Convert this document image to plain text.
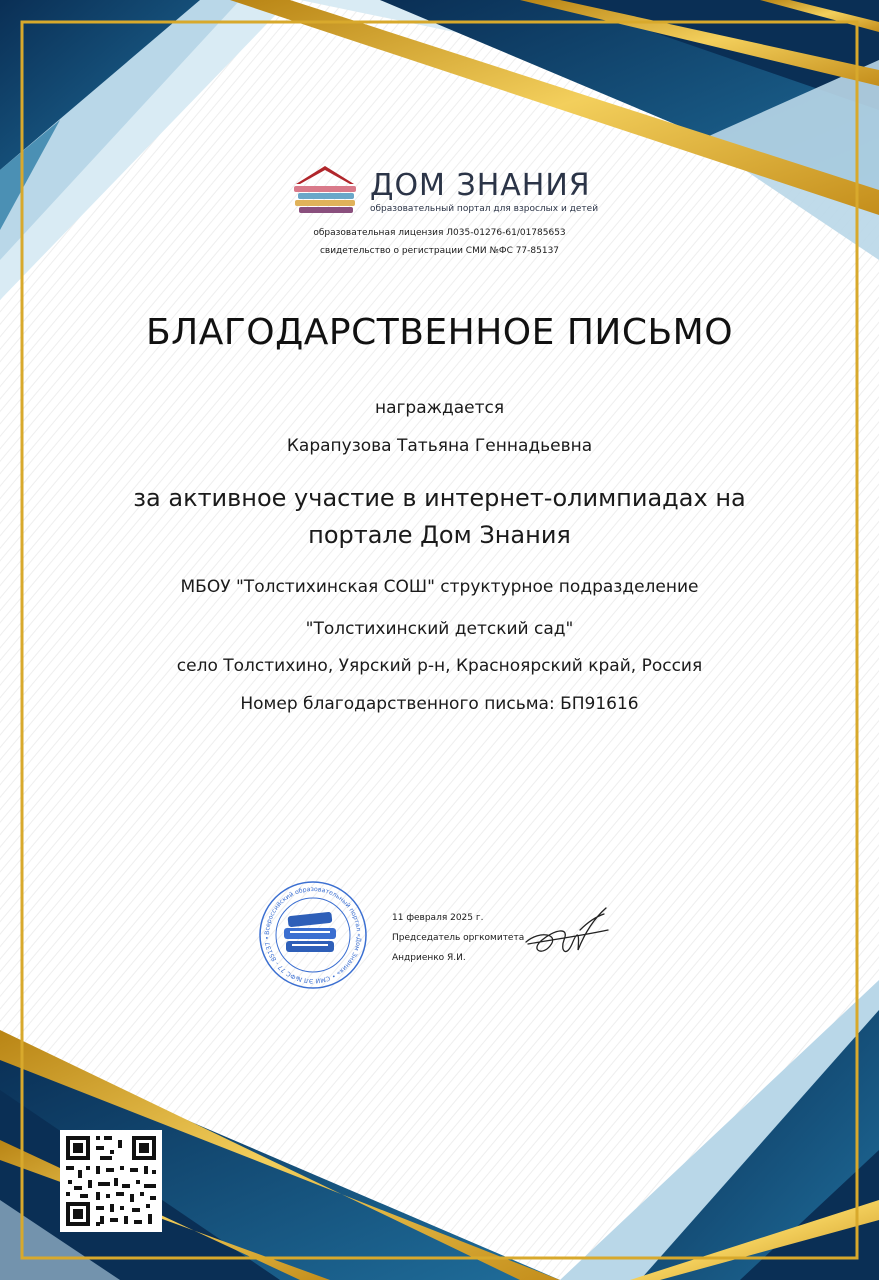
ДОМ ЗНАНИЯ
образовательный портал для взрослых и детей
образовательная лицензия Л035-01276-61/01785653
свидетельство о регистрации СМИ №ФС 77-85137
БЛАГОДАРСТВЕННОЕ ПИСЬМО
награждается
Карапузова Татьяна Геннадьевна
за активное участие в интернет-олимпиадах на
портале Дом Знания
МБОУ "Толстихинская СОШ" структурное подразделение
"Толстихинский детский сад"
село Толстихино, Уярский р-н, Красноярский край, Россия
Номер благодарственного письма: БП91616
Всероссийский образовательный портал «Дом Знания» • СМИ ЭЛ №ФС 77 - 85137 •
11 февраля 2025 г.
Председатель оргкомитета
Андриенко Я.И.
